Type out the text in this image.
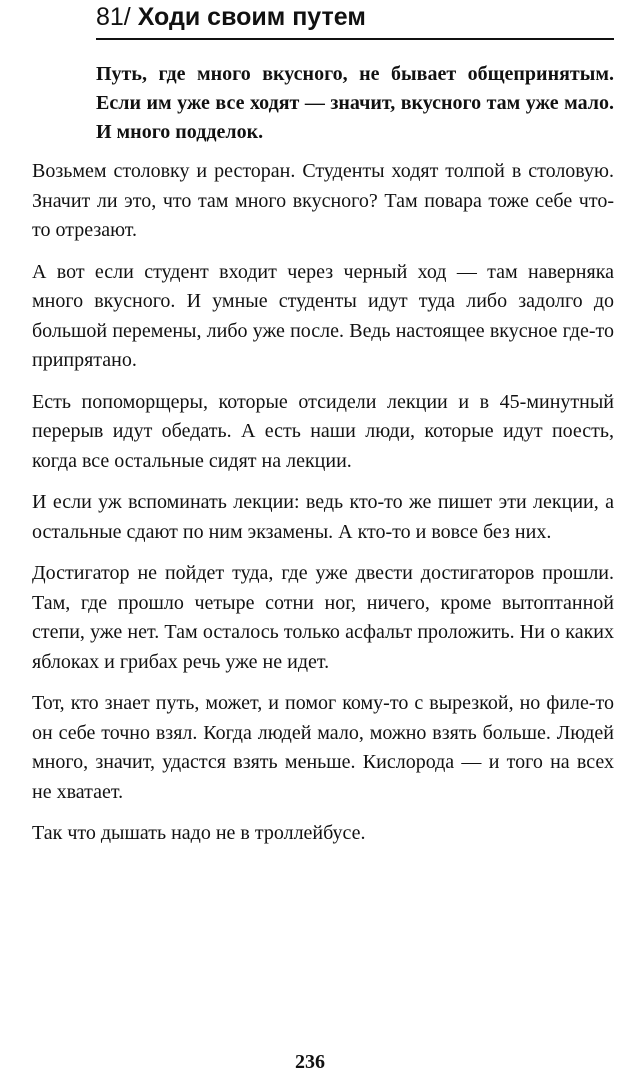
81/ Ходи своим путем

Путь, где много вкусного, не бывает общепринятым. Если им уже все ходят — значит, вкусного там уже мало. И много подделок.

Возьмем столовку и ресторан. Студенты ходят толпой в столовую. Значит ли это, что там много вкусного? Там повара тоже себе что-то отрезают.

А вот если студент входит через черный ход — там наверняка много вкусного. И умные студенты идут туда либо задолго до большой перемены, либо уже после. Ведь настоящее вкусное где-то припрятано.

Есть попоморщеры, которые отсидели лекции и в 45-минутный перерыв идут обедать. А есть наши люди, которые идут поесть, когда все остальные сидят на лекции.

И если уж вспоминать лекции: ведь кто-то же пишет эти лекции, а остальные сдают по ним экзамены. А кто-то и вовсе без них.

Достигатор не пойдет туда, где уже двести достигаторов прошли. Там, где прошло четыре сотни ног, ничего, кроме вытоптанной степи, уже нет. Там осталось только асфальт проложить. Ни о каких яблоках и грибах речь уже не идет.

Тот, кто знает путь, может, и помог кому-то с вырезкой, но филе-то он себе точно взял. Когда людей мало, можно взять больше. Людей много, значит, удастся взять меньше. Кислорода — и того на всех не хватает.

Так что дышать надо не в троллейбусе.

236
